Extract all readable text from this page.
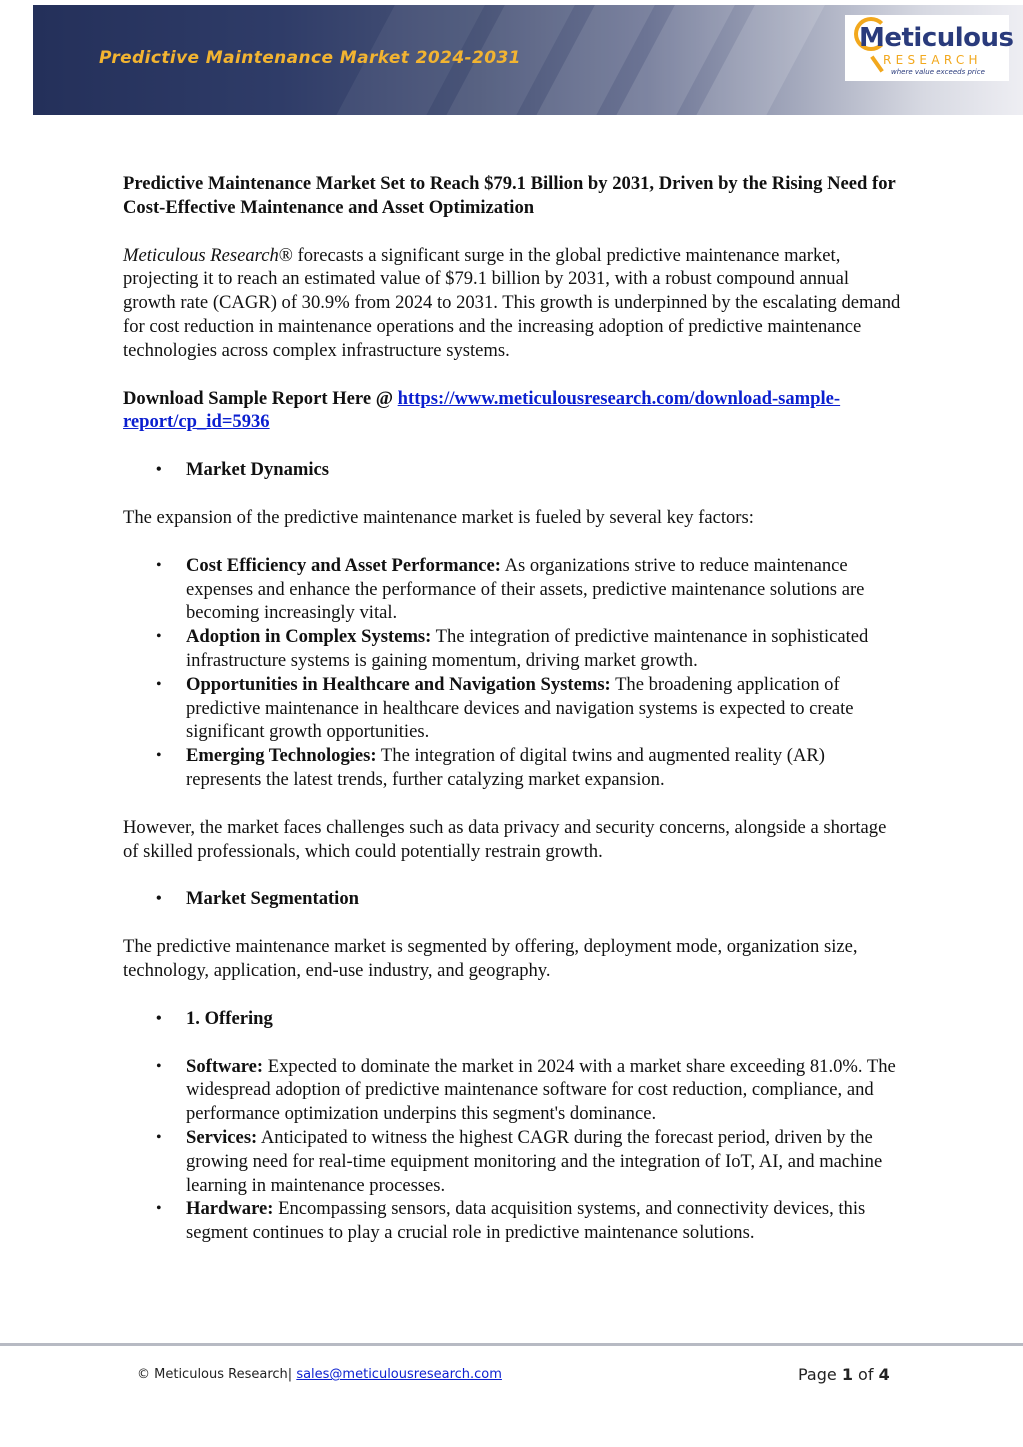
Predictive Maintenance Market 2024-2031
Meticulous
RESEARCH
where value exceeds price

Predictive Maintenance Market Set to Reach $79.1 Billion by 2031, Driven by the Rising Need for Cost-Effective Maintenance and Asset Optimization

Meticulous Research® forecasts a significant surge in the global predictive maintenance market, projecting it to reach an estimated value of $79.1 billion by 2031, with a robust compound annual growth rate (CAGR) of 30.9% from 2024 to 2031. This growth is underpinned by the escalating demand for cost reduction in maintenance operations and the increasing adoption of predictive maintenance technologies across complex infrastructure systems.

Download Sample Report Here @ https://www.meticulousresearch.com/download-sample-report/cp_id=5936

• Market Dynamics

The expansion of the predictive maintenance market is fueled by several key factors:

• Cost Efficiency and Asset Performance: As organizations strive to reduce maintenance expenses and enhance the performance of their assets, predictive maintenance solutions are becoming increasingly vital.
• Adoption in Complex Systems: The integration of predictive maintenance in sophisticated infrastructure systems is gaining momentum, driving market growth.
• Opportunities in Healthcare and Navigation Systems: The broadening application of predictive maintenance in healthcare devices and navigation systems is expected to create significant growth opportunities.
• Emerging Technologies: The integration of digital twins and augmented reality (AR) represents the latest trends, further catalyzing market expansion.

However, the market faces challenges such as data privacy and security concerns, alongside a shortage of skilled professionals, which could potentially restrain growth.

• Market Segmentation

The predictive maintenance market is segmented by offering, deployment mode, organization size, technology, application, end-use industry, and geography.

• 1. Offering
• Software: Expected to dominate the market in 2024 with a market share exceeding 81.0%. The widespread adoption of predictive maintenance software for cost reduction, compliance, and performance optimization underpins this segment's dominance.
• Services: Anticipated to witness the highest CAGR during the forecast period, driven by the growing need for real-time equipment monitoring and the integration of IoT, AI, and machine learning in maintenance processes.
• Hardware: Encompassing sensors, data acquisition systems, and connectivity devices, this segment continues to play a crucial role in predictive maintenance solutions.
© Meticulous Research| sales@meticulousresearch.com	Page 1 of 4
